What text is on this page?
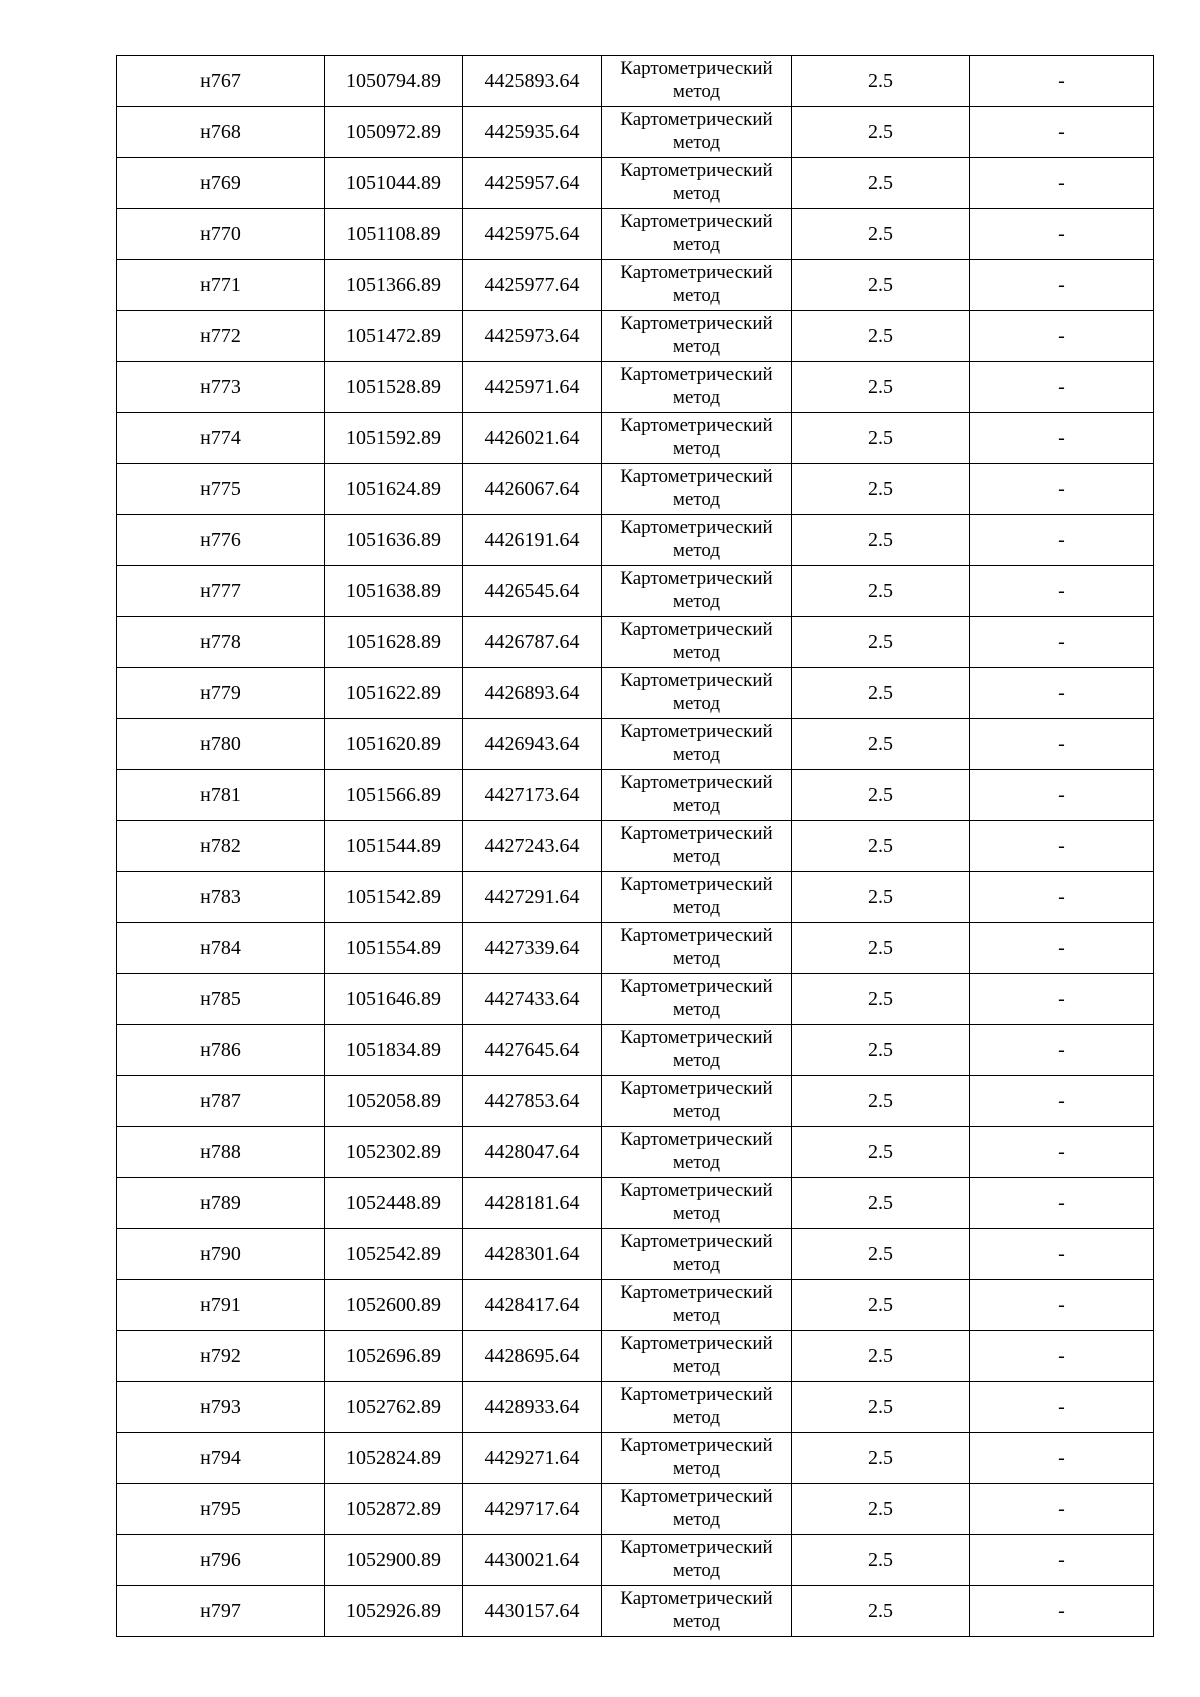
н767	1050794.89	4425893.64	Картометрический метод	2.5	-
н768	1050972.89	4425935.64	Картометрический метод	2.5	-
н769	1051044.89	4425957.64	Картометрический метод	2.5	-
н770	1051108.89	4425975.64	Картометрический метод	2.5	-
н771	1051366.89	4425977.64	Картометрический метод	2.5	-
н772	1051472.89	4425973.64	Картометрический метод	2.5	-
н773	1051528.89	4425971.64	Картометрический метод	2.5	-
н774	1051592.89	4426021.64	Картометрический метод	2.5	-
н775	1051624.89	4426067.64	Картометрический метод	2.5	-
н776	1051636.89	4426191.64	Картометрический метод	2.5	-
н777	1051638.89	4426545.64	Картометрический метод	2.5	-
н778	1051628.89	4426787.64	Картометрический метод	2.5	-
н779	1051622.89	4426893.64	Картометрический метод	2.5	-
н780	1051620.89	4426943.64	Картометрический метод	2.5	-
н781	1051566.89	4427173.64	Картометрический метод	2.5	-
н782	1051544.89	4427243.64	Картометрический метод	2.5	-
н783	1051542.89	4427291.64	Картометрический метод	2.5	-
н784	1051554.89	4427339.64	Картометрический метод	2.5	-
н785	1051646.89	4427433.64	Картометрический метод	2.5	-
н786	1051834.89	4427645.64	Картометрический метод	2.5	-
н787	1052058.89	4427853.64	Картометрический метод	2.5	-
н788	1052302.89	4428047.64	Картометрический метод	2.5	-
н789	1052448.89	4428181.64	Картометрический метод	2.5	-
н790	1052542.89	4428301.64	Картометрический метод	2.5	-
н791	1052600.89	4428417.64	Картометрический метод	2.5	-
н792	1052696.89	4428695.64	Картометрический метод	2.5	-
н793	1052762.89	4428933.64	Картометрический метод	2.5	-
н794	1052824.89	4429271.64	Картометрический метод	2.5	-
н795	1052872.89	4429717.64	Картометрический метод	2.5	-
н796	1052900.89	4430021.64	Картометрический метод	2.5	-
н797	1052926.89	4430157.64	Картометрический метод	2.5	-
